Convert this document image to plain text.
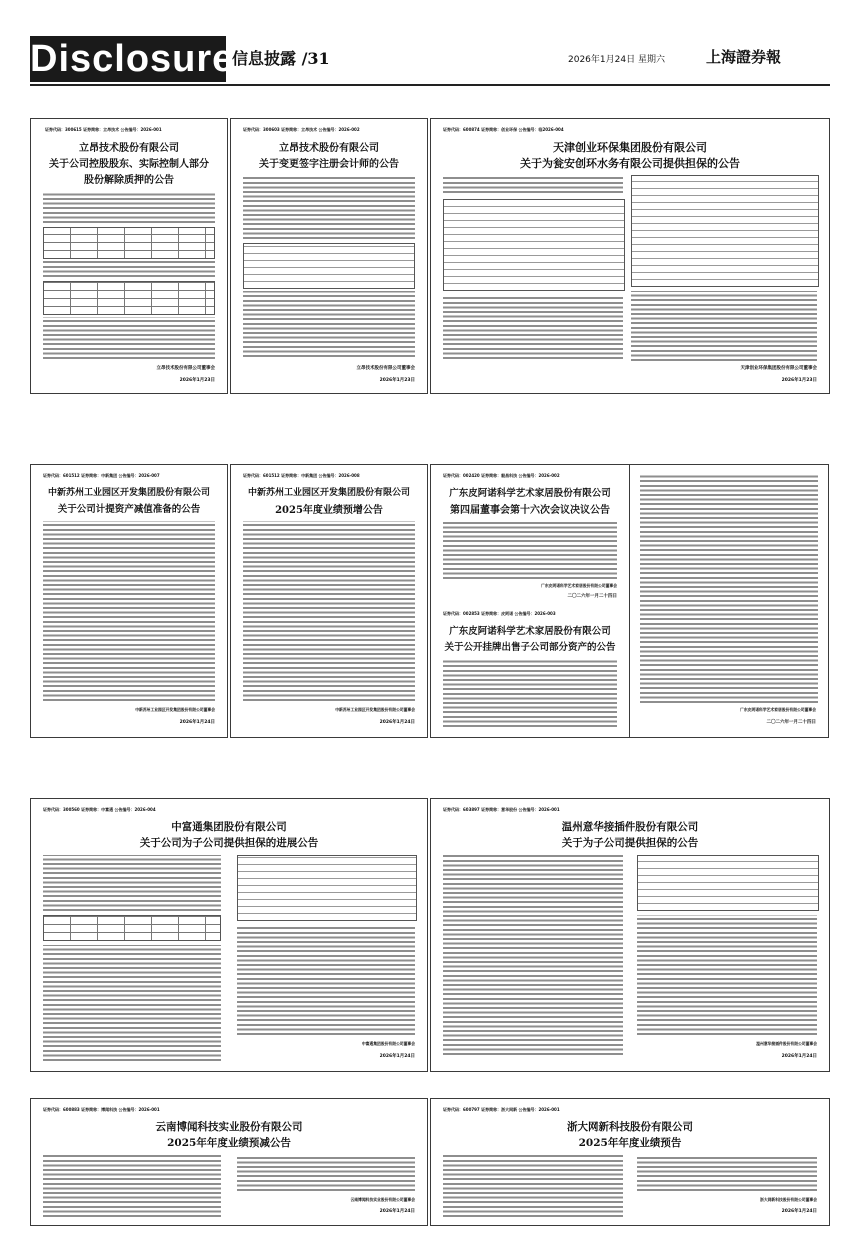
Disclosure
信息披露 /31	2026年1月24日 星期六	上海證券報
证券代码：300615 证券简称：立昂技术 公告编号：2026-001
立昂技术股份有限公司
关于公司控股股东、实际控制人部分
股份解除质押的公告
立昂技术股份有限公司董事会
2026年1月23日
证券代码：300603 证券简称：立昂技术 公告编号：2026-002
立昂技术股份有限公司
关于变更签字注册会计师的公告
立昂技术股份有限公司董事会
2026年1月23日
证券代码：600874 证券简称：创业环保 公告编号：临2026-004
天津创业环保集团股份有限公司
关于为瓮安创环水务有限公司提供担保的公告
天津创业环保集团股份有限公司董事会
2026年1月23日
证券代码：601512 证券简称：中新集团 公告编号：2026-007
中新苏州工业园区开发集团股份有限公司
关于公司计提资产减值准备的公告
中新苏州工业园区开发集团股份有限公司董事会
2026年1月24日
证券代码：601512 证券简称：中新集团 公告编号：2026-008
中新苏州工业园区开发集团股份有限公司
2025年度业绩预增公告
中新苏州工业园区开发集团股份有限公司董事会
2026年1月24日
证券代码：002420 证券简称：毅昌科技 公告编号：2026-002
广东皮阿诺科学艺术家居股份有限公司
第四届董事会第十六次会议决议公告
广东皮阿诺科学艺术家居股份有限公司董事会
二〇二六年一月二十四日
证券代码：002853 证券简称：皮阿诺 公告编号：2026-003
广东皮阿诺科学艺术家居股份有限公司
关于公开挂牌出售子公司部分资产的公告
广东皮阿诺科学艺术家居股份有限公司董事会
二〇二六年一月二十四日
证券代码：300560 证券简称：中富通 公告编号：2026-004
中富通集团股份有限公司
关于公司为子公司提供担保的进展公告
中富通集团股份有限公司董事会
2026年1月24日
证券代码：603897 证券简称：意华股份 公告编号：2026-001
温州意华接插件股份有限公司
关于为子公司提供担保的公告
温州意华接插件股份有限公司董事会
2026年1月24日
证券代码：600883 证券简称：博闻科技 公告编号：2026-001
云南博闻科技实业股份有限公司
2025年年度业绩预减公告
云南博闻科技实业股份有限公司董事会
2026年1月24日
证券代码：600797 证券简称：浙大网新 公告编号：2026-001
浙大网新科技股份有限公司
2025年年度业绩预告
浙大网新科技股份有限公司董事会
2026年1月24日
